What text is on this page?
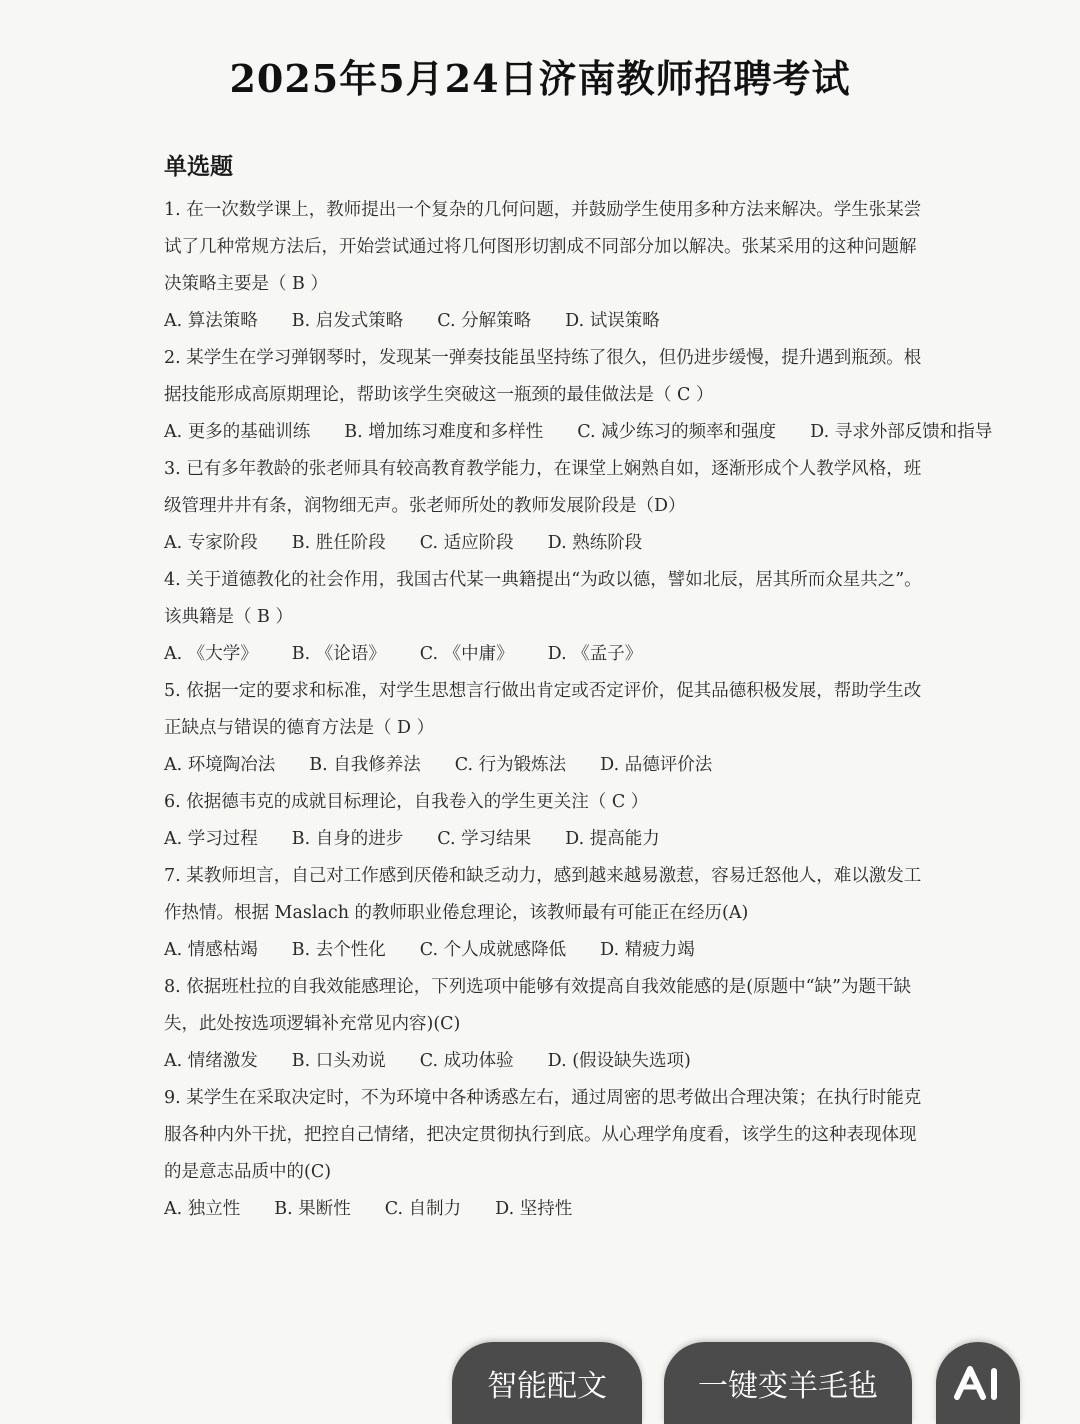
2025年5月24日济南教师招聘考试
单选题

1. 在一次数学课上，教师提出一个复杂的几何问题，并鼓励学生使用多种方法来解决。学生张某尝试了几种常规方法后，开始尝试通过将几何图形切割成不同部分加以解决。张某采用的这种问题解决策略主要是（ B ）

A. 算法策略 B. 启发式策略 C. 分解策略 D. 试误策略

2. 某学生在学习弹钢琴时，发现某一弹奏技能虽坚持练了很久，但仍进步缓慢，提升遇到瓶颈。根据技能形成高原期理论，帮助该学生突破这一瓶颈的最佳做法是（ C ）

A. 更多的基础训练 B. 增加练习难度和多样性 C. 减少练习的频率和强度 D. 寻求外部反馈和指导

3. 已有多年教龄的张老师具有较高教育教学能力，在课堂上娴熟自如，逐渐形成个人教学风格，班级管理井井有条，润物细无声。张老师所处的教师发展阶段是（D）

A. 专家阶段 B. 胜任阶段 C. 适应阶段 D. 熟练阶段

4. 关于道德教化的社会作用，我国古代某一典籍提出“为政以德，譬如北辰，居其所而众星共之”。该典籍是（ B ）

A. 《大学》 B. 《论语》 C. 《中庸》 D. 《孟子》

5. 依据一定的要求和标准，对学生思想言行做出肯定或否定评价，促其品德积极发展，帮助学生改正缺点与错误的德育方法是（ D ）

A. 环境陶冶法 B. 自我修养法 C. 行为锻炼法 D. 品德评价法

6. 依据德韦克的成就目标理论，自我卷入的学生更关注（ C ）

A. 学习过程 B. 自身的进步 C. 学习结果 D. 提高能力

7. 某教师坦言，自己对工作感到厌倦和缺乏动力，感到越来越易激惹，容易迁怒他人，难以激发工作热情。根据 Maslach 的教师职业倦怠理论，该教师最有可能正在经历(A)

A. 情感枯竭 B. 去个性化 C. 个人成就感降低 D. 精疲力竭

8. 依据班杜拉的自我效能感理论，下列选项中能够有效提高自我效能感的是(原题中“缺”为题干缺失，此处按选项逻辑补充常见内容)(C)

A. 情绪激发 B. 口头劝说 C. 成功体验 D. (假设缺失选项)

9. 某学生在采取决定时，不为环境中各种诱惑左右，通过周密的思考做出合理决策；在执行时能克服各种内外干扰，把控自己情绪，把决定贯彻执行到底。从心理学角度看，该学生的这种表现体现的是意志品质中的(C)

A. 独立性 B. 果断性 C. 自制力 D. 坚持性
智能配文	一键变羊毛毡
